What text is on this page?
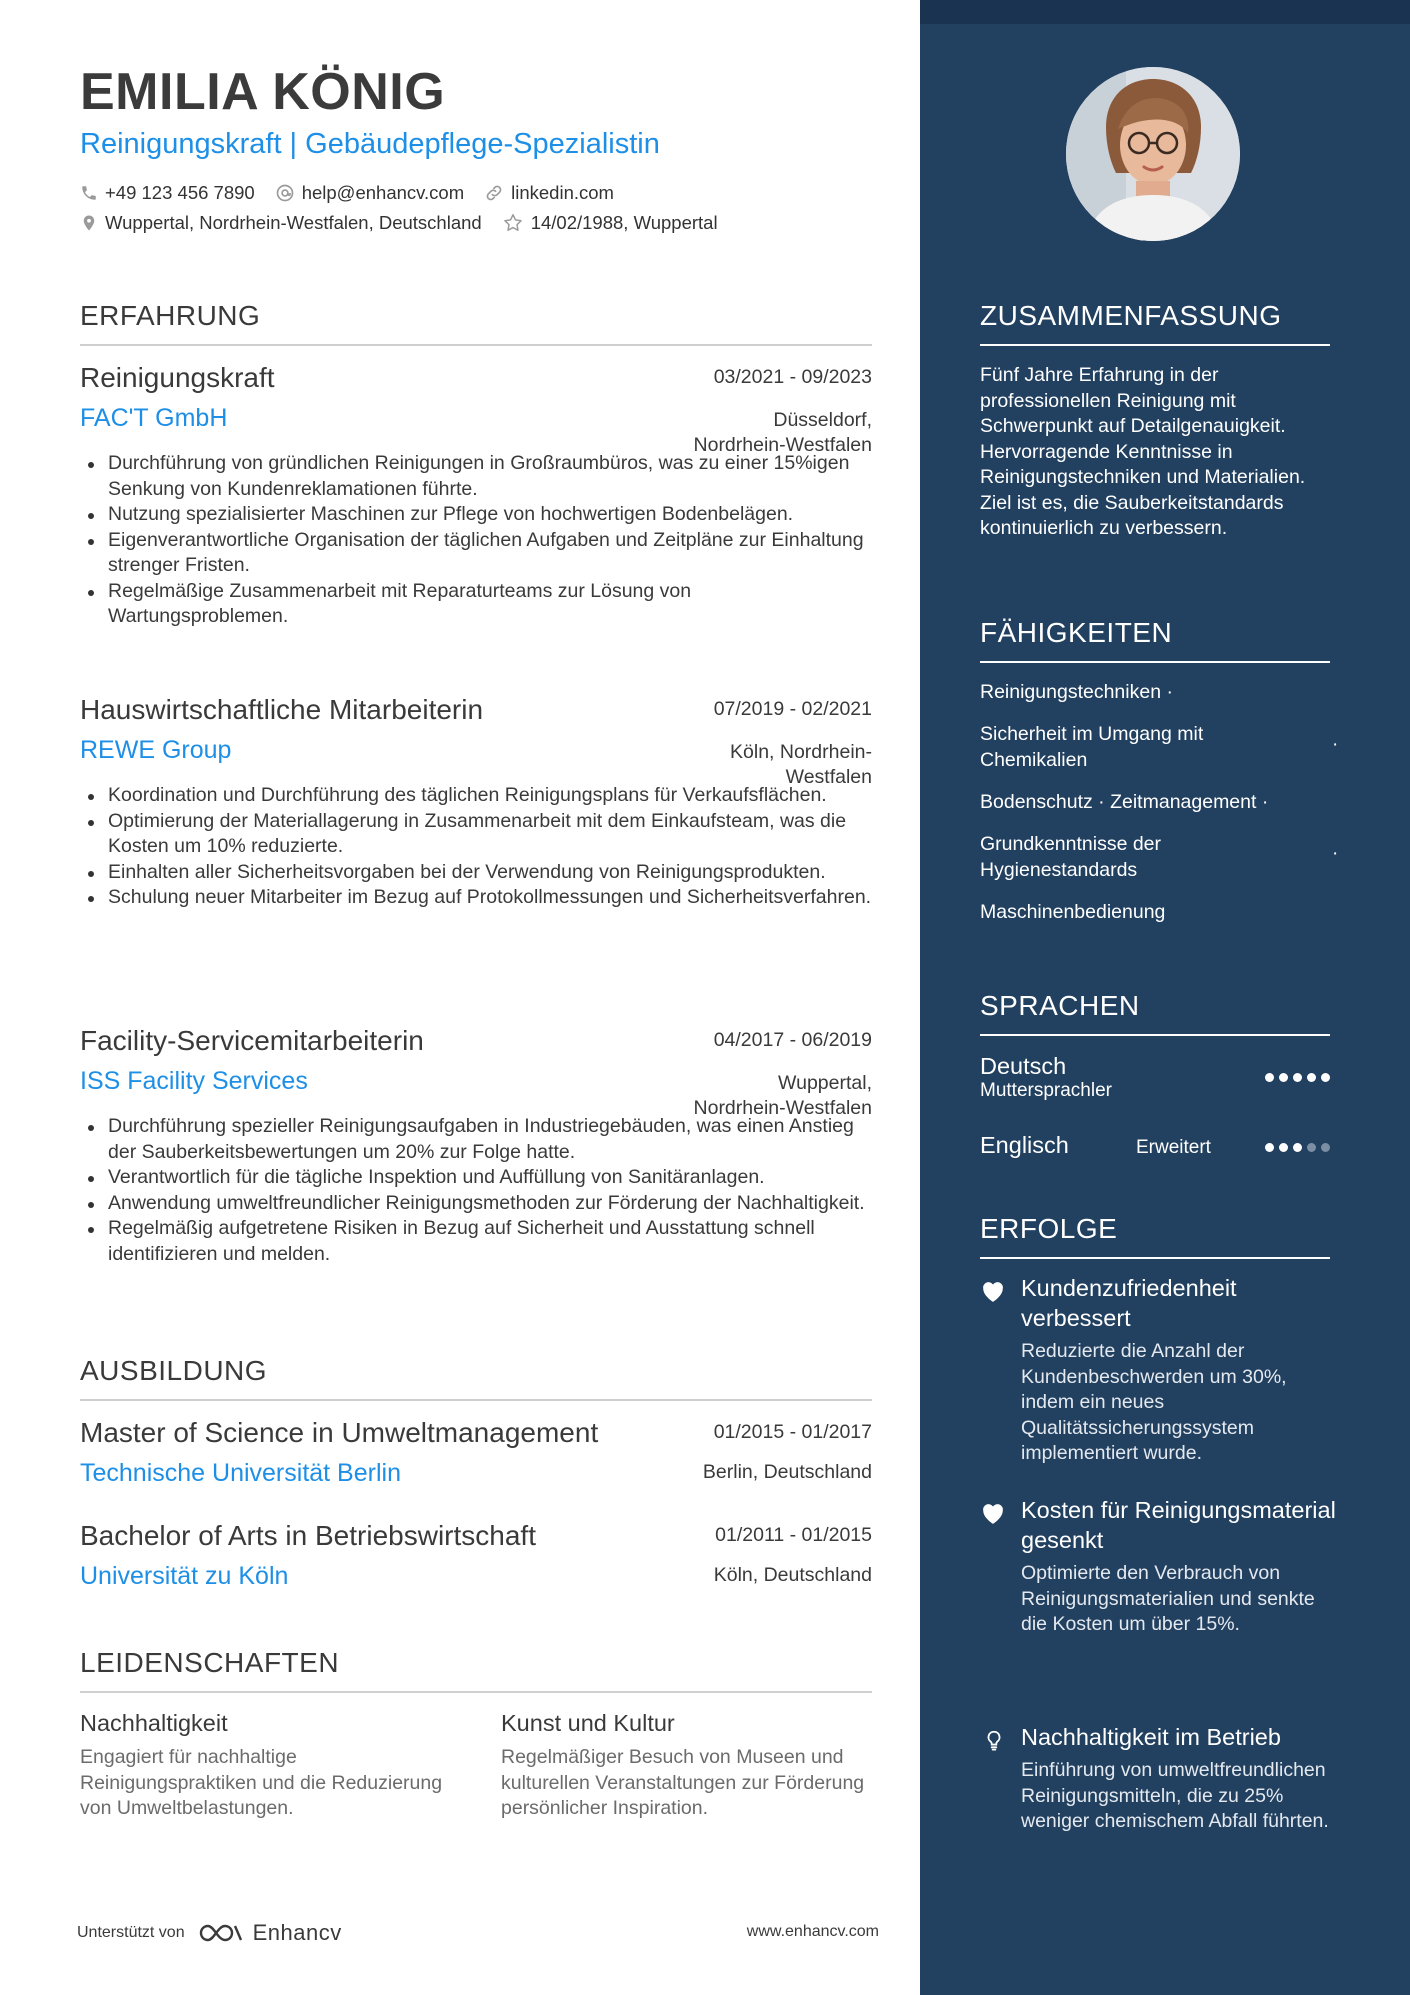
EMILIA KÖNIG
Reinigungskraft | Gebäudepflege-Spezialistin
+49 123 456 7890	help@enhancv.com	linkedin.com
Wuppertal, Nordrhein-Westfalen, Deutschland	14/02/1988, Wuppertal
ERFAHRUNG
Reinigungskraft	03/2021 - 09/2023
FAC'T GmbH	Düsseldorf,
Nordrhein-Westfalen
Durchführung von gründlichen Reinigungen in Großraumbüros, was zu einer 15%igen Senkung von Kundenreklamationen führte.
Nutzung spezialisierter Maschinen zur Pflege von hochwertigen Bodenbelägen.
Eigenverantwortliche Organisation der täglichen Aufgaben und Zeitpläne zur Einhaltung strenger Fristen.
Regelmäßige Zusammenarbeit mit Reparaturteams zur Lösung von Wartungsproblemen.
Hauswirtschaftliche Mitarbeiterin	07/2019 - 02/2021
REWE Group	Köln, Nordrhein-
Westfalen
Koordination und Durchführung des täglichen Reinigungsplans für Verkaufsflächen.
Optimierung der Materiallagerung in Zusammenarbeit mit dem Einkaufsteam, was die Kosten um 10% reduzierte.
Einhalten aller Sicherheitsvorgaben bei der Verwendung von Reinigungsprodukten.
Schulung neuer Mitarbeiter im Bezug auf Protokollmessungen und Sicherheitsverfahren.
Facility-Servicemitarbeiterin	04/2017 - 06/2019
ISS Facility Services	Wuppertal,
Nordrhein-Westfalen
Durchführung spezieller Reinigungsaufgaben in Industriegebäuden, was einen Anstieg der Sauberkeitsbewertungen um 20% zur Folge hatte.
Verantwortlich für die tägliche Inspektion und Auffüllung von Sanitäranlagen.
Anwendung umweltfreundlicher Reinigungsmethoden zur Förderung der Nachhaltigkeit.
Regelmäßig aufgetretene Risiken in Bezug auf Sicherheit und Ausstattung schnell identifizieren und melden.
AUSBILDUNG
Master of Science in Umweltmanagement	01/2015 - 01/2017
Technische Universität Berlin	Berlin, Deutschland
Bachelor of Arts in Betriebswirtschaft	01/2011 - 01/2015
Universität zu Köln	Köln, Deutschland
LEIDENSCHAFTEN
Nachhaltigkeit
Engagiert für nachhaltige Reinigungspraktiken und die Reduzierung von Umweltbelastungen.
Kunst und Kultur
Regelmäßiger Besuch von Museen und kulturellen Veranstaltungen zur Förderung persönlicher Inspiration.
Unterstützt von	Enhancv	www.enhancv.com
ZUSAMMENFASSUNG
Fünf Jahre Erfahrung in der professionellen Reinigung mit Schwerpunkt auf Detailgenauigkeit. Hervorragende Kenntnisse in Reinigungstechniken und Materialien. Ziel ist es, die Sauberkeitstandards kontinuierlich zu verbessern.
FÄHIGKEITEN
Reinigungstechniken ·
Sicherheit im Umgang mit Chemikalien
·
Bodenschutz · Zeitmanagement ·
Grundkenntnisse der Hygienestandards
·
Maschinenbedienung
SPRACHEN
Deutsch
Muttersprachler
Englisch	Erweitert
ERFOLGE
Kundenzufriedenheit verbessert
Reduzierte die Anzahl der Kundenbeschwerden um 30%, indem ein neues Qualitätssicherungssystem implementiert wurde.
Kosten für Reinigungsmaterial gesenkt
Optimierte den Verbrauch von Reinigungsmaterialien und senkte die Kosten um über 15%.
Nachhaltigkeit im Betrieb
Einführung von umweltfreundlichen Reinigungsmitteln, die zu 25% weniger chemischem Abfall führten.
